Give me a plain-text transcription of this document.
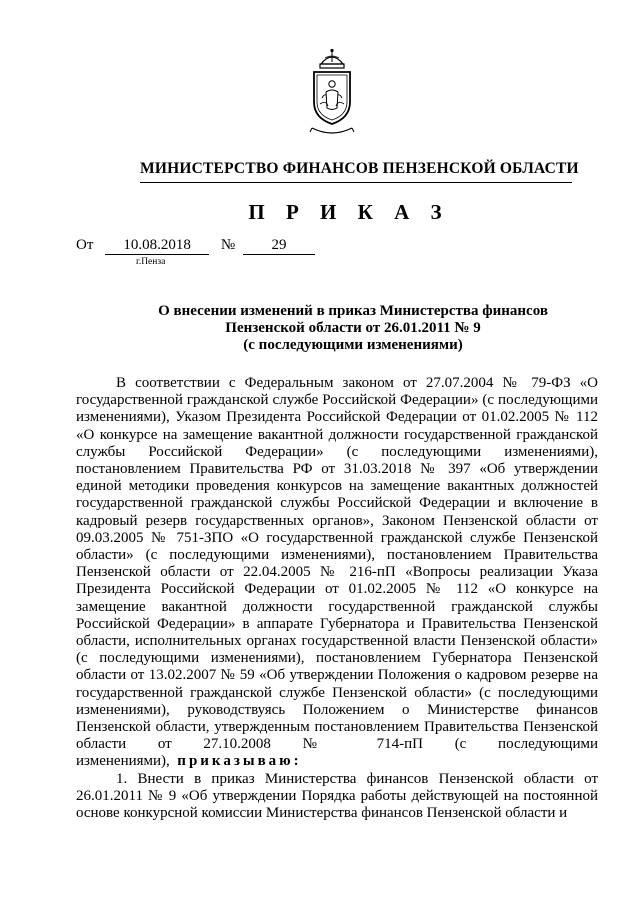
МИНИСТЕРСТВО ФИНАНСОВ ПЕНЗЕНСКОЙ ОБЛАСТИ
П Р И К А З
От 10.08.2018 № 29
г.Пенза
О внесении изменений в приказ Министерства финансов
Пензенской области от 26.01.2011 № 9
(с последующими изменениями)

В соответствии с Федеральным законом от 27.07.2004 № 79-ФЗ «О государственной гражданской службе Российской Федерации» (с последующими изменениями), Указом Президента Российской Федерации от 01.02.2005 № 112 «О конкурсе на замещение вакантной должности государственной гражданской службы Российской Федерации» (с последующими изменениями), постановлением Правительства РФ от 31.03.2018 № 397 «Об утверждении единой методики проведения конкурсов на замещение вакантных должностей государственной гражданской службы Российской Федерации и включение в кадровый резерв государственных органов», Законом Пензенской области от 09.03.2005 № 751-ЗПО «О государственной гражданской службе Пензенской области» (с последующими изменениями), постановлением Правительства Пензенской области от 22.04.2005 № 216-пП «Вопросы реализации Указа Президента Российской Федерации от 01.02.2005 № 112 «О конкурсе на замещение вакантной должности государственной гражданской службы Российской Федерации» в аппарате Губернатора и Правительства Пензенской области, исполнительных органах государственной власти Пензенской области» (с последующими изменениями), постановлением Губернатора Пензенской области от 13.02.2007 № 59 «Об утверждении Положения о кадровом резерве на государственной гражданской службе Пензенской области» (с последующими изменениями), руководствуясь Положением о Министерстве финансов Пензенской области, утвержденным постановлением Правительства Пензенской области от 27.10.2008 № 714-пП (с последующими изменениями), приказываю:

1. Внести в приказ Министерства финансов Пензенской области от 26.01.2011 № 9 «Об утверждении Порядка работы действующей на постоянной основе конкурсной комиссии Министерства финансов Пензенской области и
